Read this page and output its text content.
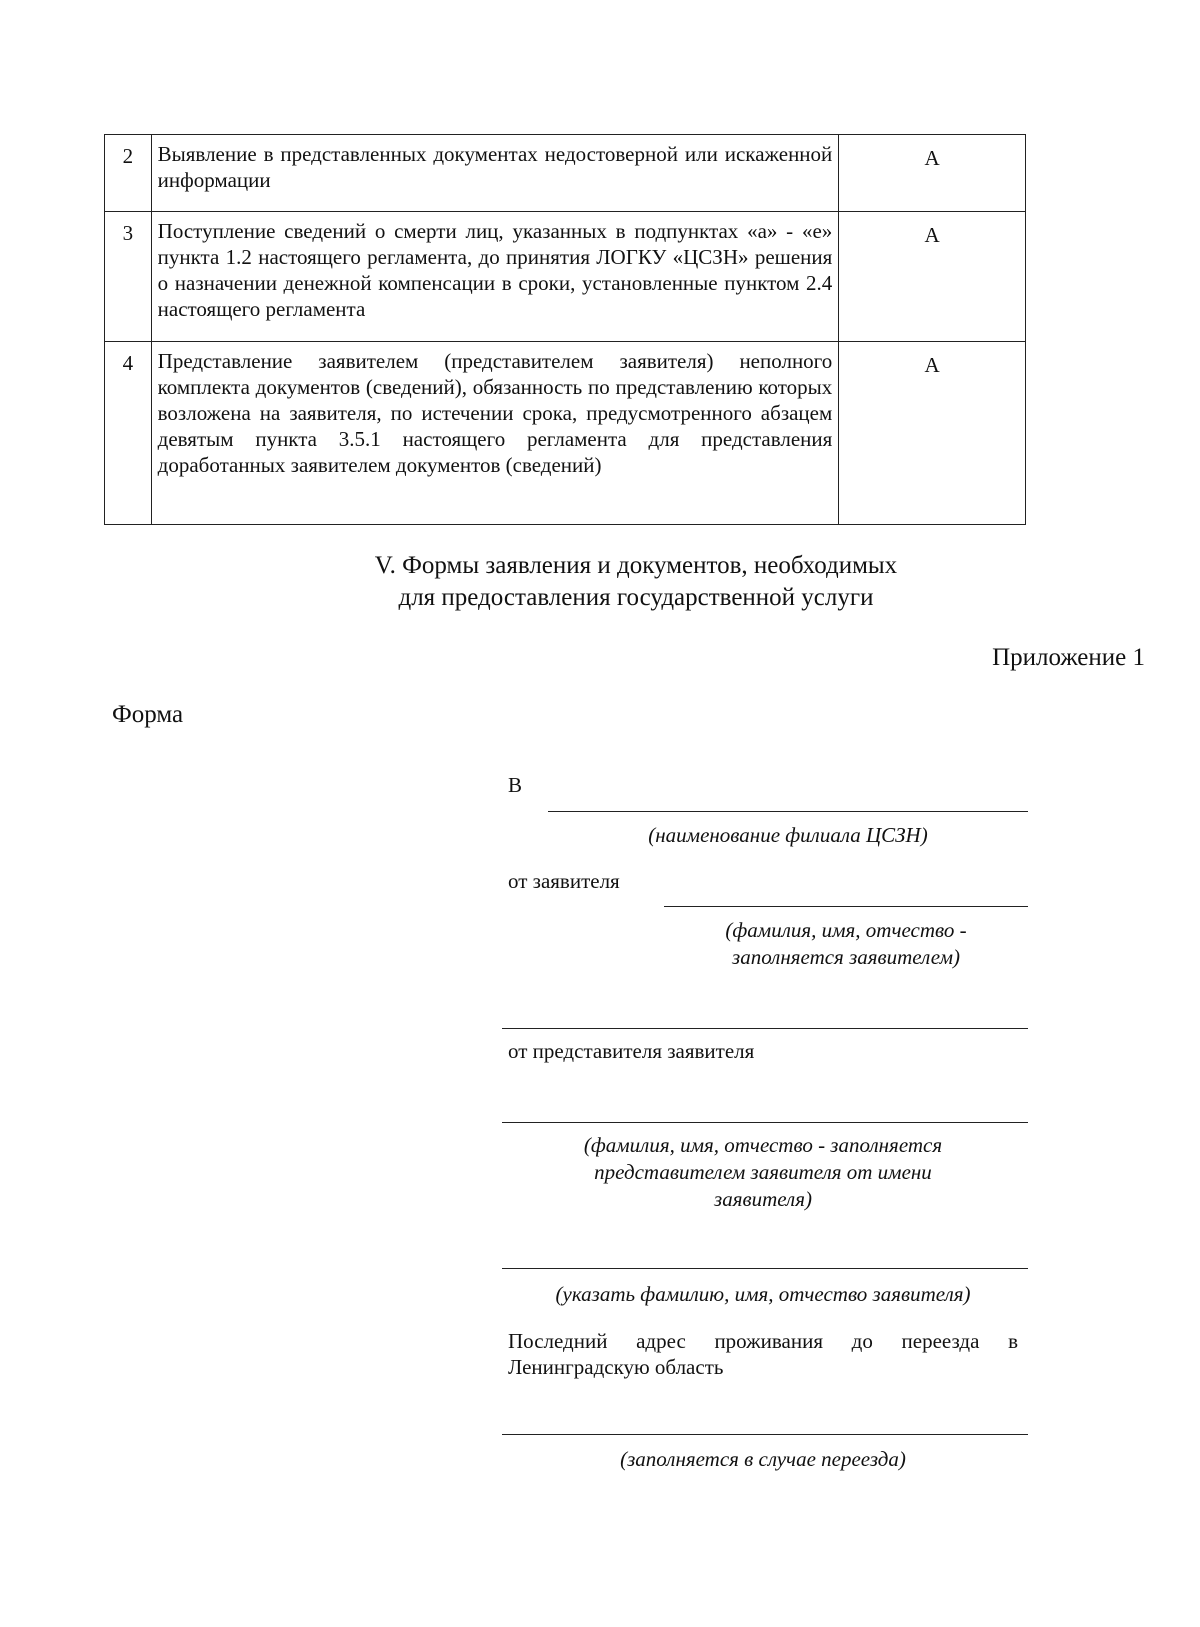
2	Выявление в представленных документах недостоверной или искаженной информации	А
3	Поступление сведений о смерти лиц, указанных в подпунктах «а» - «е» пункта 1.2 настоящего регламента, до принятия ЛОГКУ «ЦСЗН» решения о назначении денежной компенсации в сроки, установленные пунктом 2.4 настоящего регламента	А
4	Представление заявителем (представителем заявителя) неполного комплекта документов (сведений), обязанность по представлению которых возложена на заявителя, по истечении срока, предусмотренного абзацем девятым пункта 3.5.1 настоящего регламента для представления доработанных заявителем документов (сведений)	А
V. Формы заявления и документов, необходимых
для предоставления государственной услуги
Приложение 1
Форма
В
(наименование филиала ЦСЗН)
от заявителя
(фамилия, имя, отчество -
заполняется заявителем)
от представителя заявителя
(фамилия, имя, отчество - заполняется
представителем заявителя от имени
заявителя)
(указать фамилию, имя, отчество заявителя)
Последний адрес проживания до переезда в Ленинградскую область
(заполняется в случае переезда)
